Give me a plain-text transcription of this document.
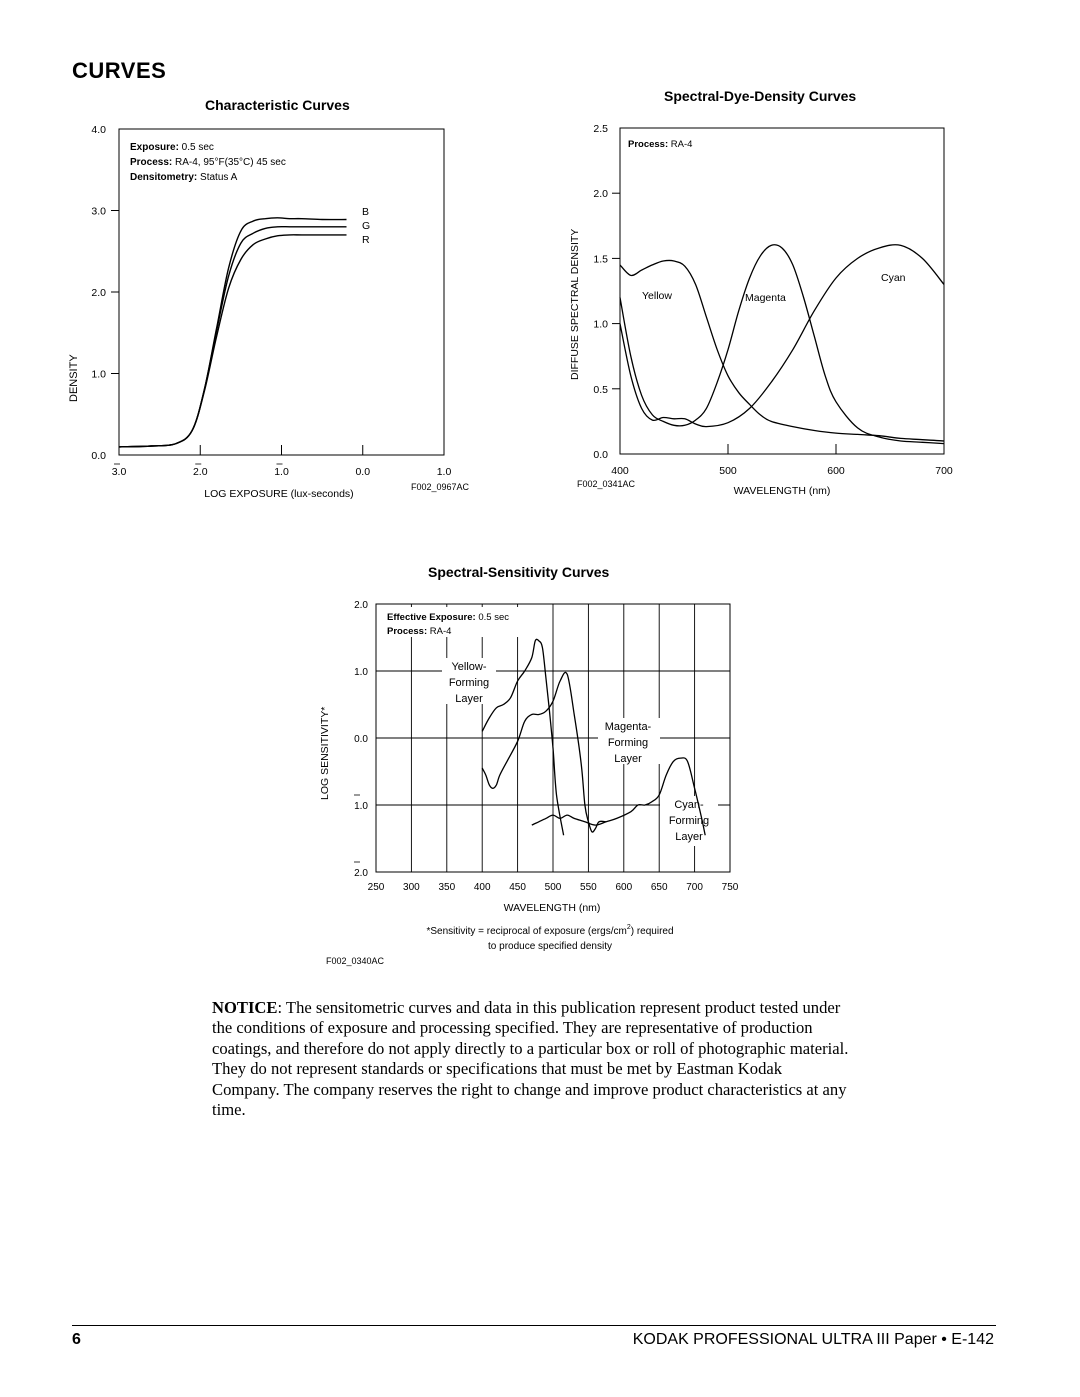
CURVES
Characteristic Curves
0.0
1.0
2.0
3.0
4.0
3.0	2.0	1.0	0.0	1.0
DENSITY
LOG EXPOSURE (lux-seconds)
F002_0967AC
Exposure: 0.5 sec
Process: RA-4, 95°F(35°C) 45 sec
Densitometry: Status A
B
G
R
Spectral-Dye-Density Curves
0.0
0.5
1.0
1.5
2.0
2.5
400	500	600	700
DIFFUSE SPECTRAL DENSITY
WAVELENGTH (nm)
F002_0341AC
Process: RA-4
Yellow	Magenta
Cyan
Spectral-Sensitivity Curves
250 300 350 400 450 500 550 600 650 700 750
2.0
1.0
0.0
1.0
2.0
Effective Exposure: 0.5 sec
Process: RA-4
Yellow-
Forming
Layer
Magenta-
Forming
Layer
Cyan-
Forming
Layer
LOG SENSITIVITY*
WAVELENGTH (nm)
*Sensitivity = reciprocal of exposure $(ergs/cm^2)$ required
to produce specified density
F002_0340AC
NOTICE: The sensitometric curves and data in this publication represent product tested under the conditions of exposure and processing specified. They are representative of production coatings, and therefore do not apply directly to a particular box or roll of photographic material. They do not represent standards or specifications that must be met by Eastman Kodak Company. The company reserves the right to change and improve product characteristics at any time.
6	KODAK PROFESSIONAL ULTRA III Paper • E-142
